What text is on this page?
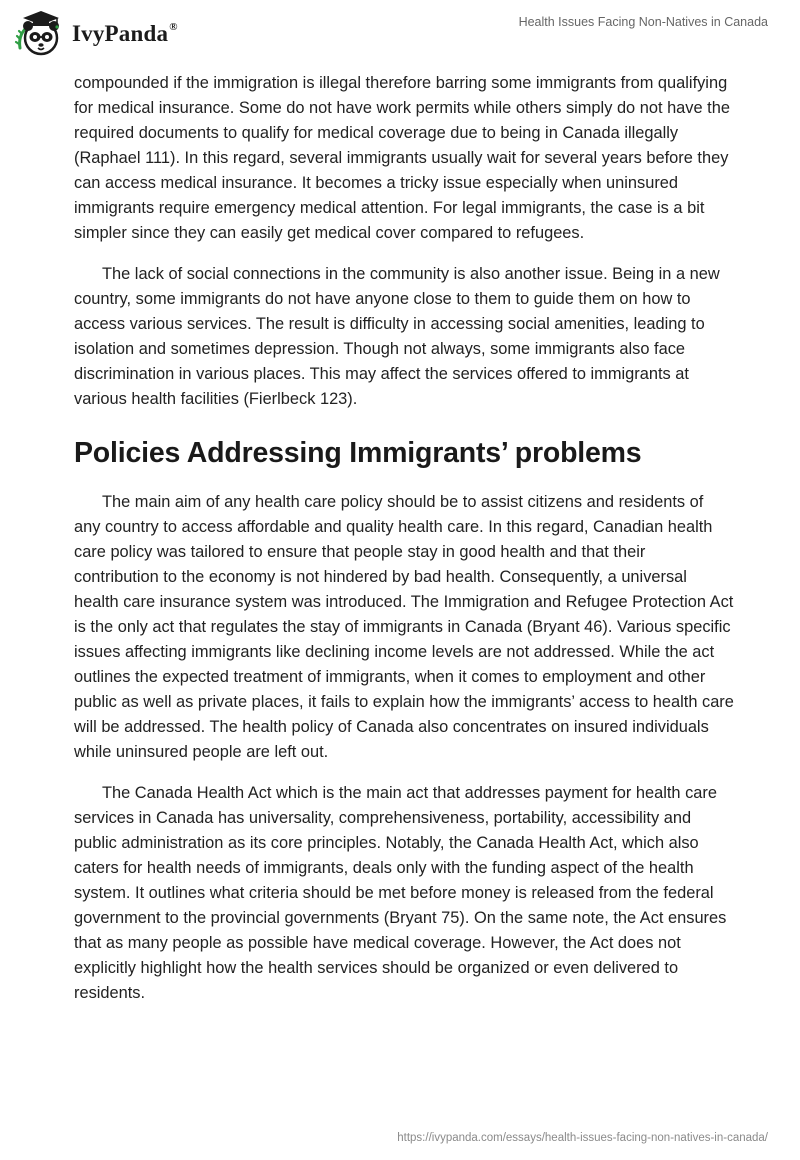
IvyPanda®	Health Issues Facing Non-Natives in Canada

compounded if the immigration is illegal therefore barring some immigrants from qualifying for medical insurance. Some do not have work permits while others simply do not have the required documents to qualify for medical coverage due to being in Canada illegally (Raphael 111). In this regard, several immigrants usually wait for several years before they can access medical insurance. It becomes a tricky issue especially when uninsured immigrants require emergency medical attention. For legal immigrants, the case is a bit simpler since they can easily get medical cover compared to refugees.

The lack of social connections in the community is also another issue. Being in a new country, some immigrants do not have anyone close to them to guide them on how to access various services. The result is difficulty in accessing social amenities, leading to isolation and sometimes depression. Though not always, some immigrants also face discrimination in various places. This may affect the services offered to immigrants at various health facilities (Fierlbeck 123).

Policies Addressing Immigrants’ problems

The main aim of any health care policy should be to assist citizens and residents of any country to access affordable and quality health care. In this regard, Canadian health care policy was tailored to ensure that people stay in good health and that their contribution to the economy is not hindered by bad health. Consequently, a universal health care insurance system was introduced. The Immigration and Refugee Protection Act is the only act that regulates the stay of immigrants in Canada (Bryant 46). Various specific issues affecting immigrants like declining income levels are not addressed. While the act outlines the expected treatment of immigrants, when it comes to employment and other public as well as private places, it fails to explain how the immigrants’ access to health care will be addressed. The health policy of Canada also concentrates on insured individuals while uninsured people are left out.

The Canada Health Act which is the main act that addresses payment for health care services in Canada has universality, comprehensiveness, portability, accessibility and public administration as its core principles. Notably, the Canada Health Act, which also caters for health needs of immigrants, deals only with the funding aspect of the health system. It outlines what criteria should be met before money is released from the federal government to the provincial governments (Bryant 75). On the same note, the Act ensures that as many people as possible have medical coverage. However, the Act does not explicitly highlight how the health services should be organized or even delivered to residents.

https://ivypanda.com/essays/health-issues-facing-non-natives-in-canada/
